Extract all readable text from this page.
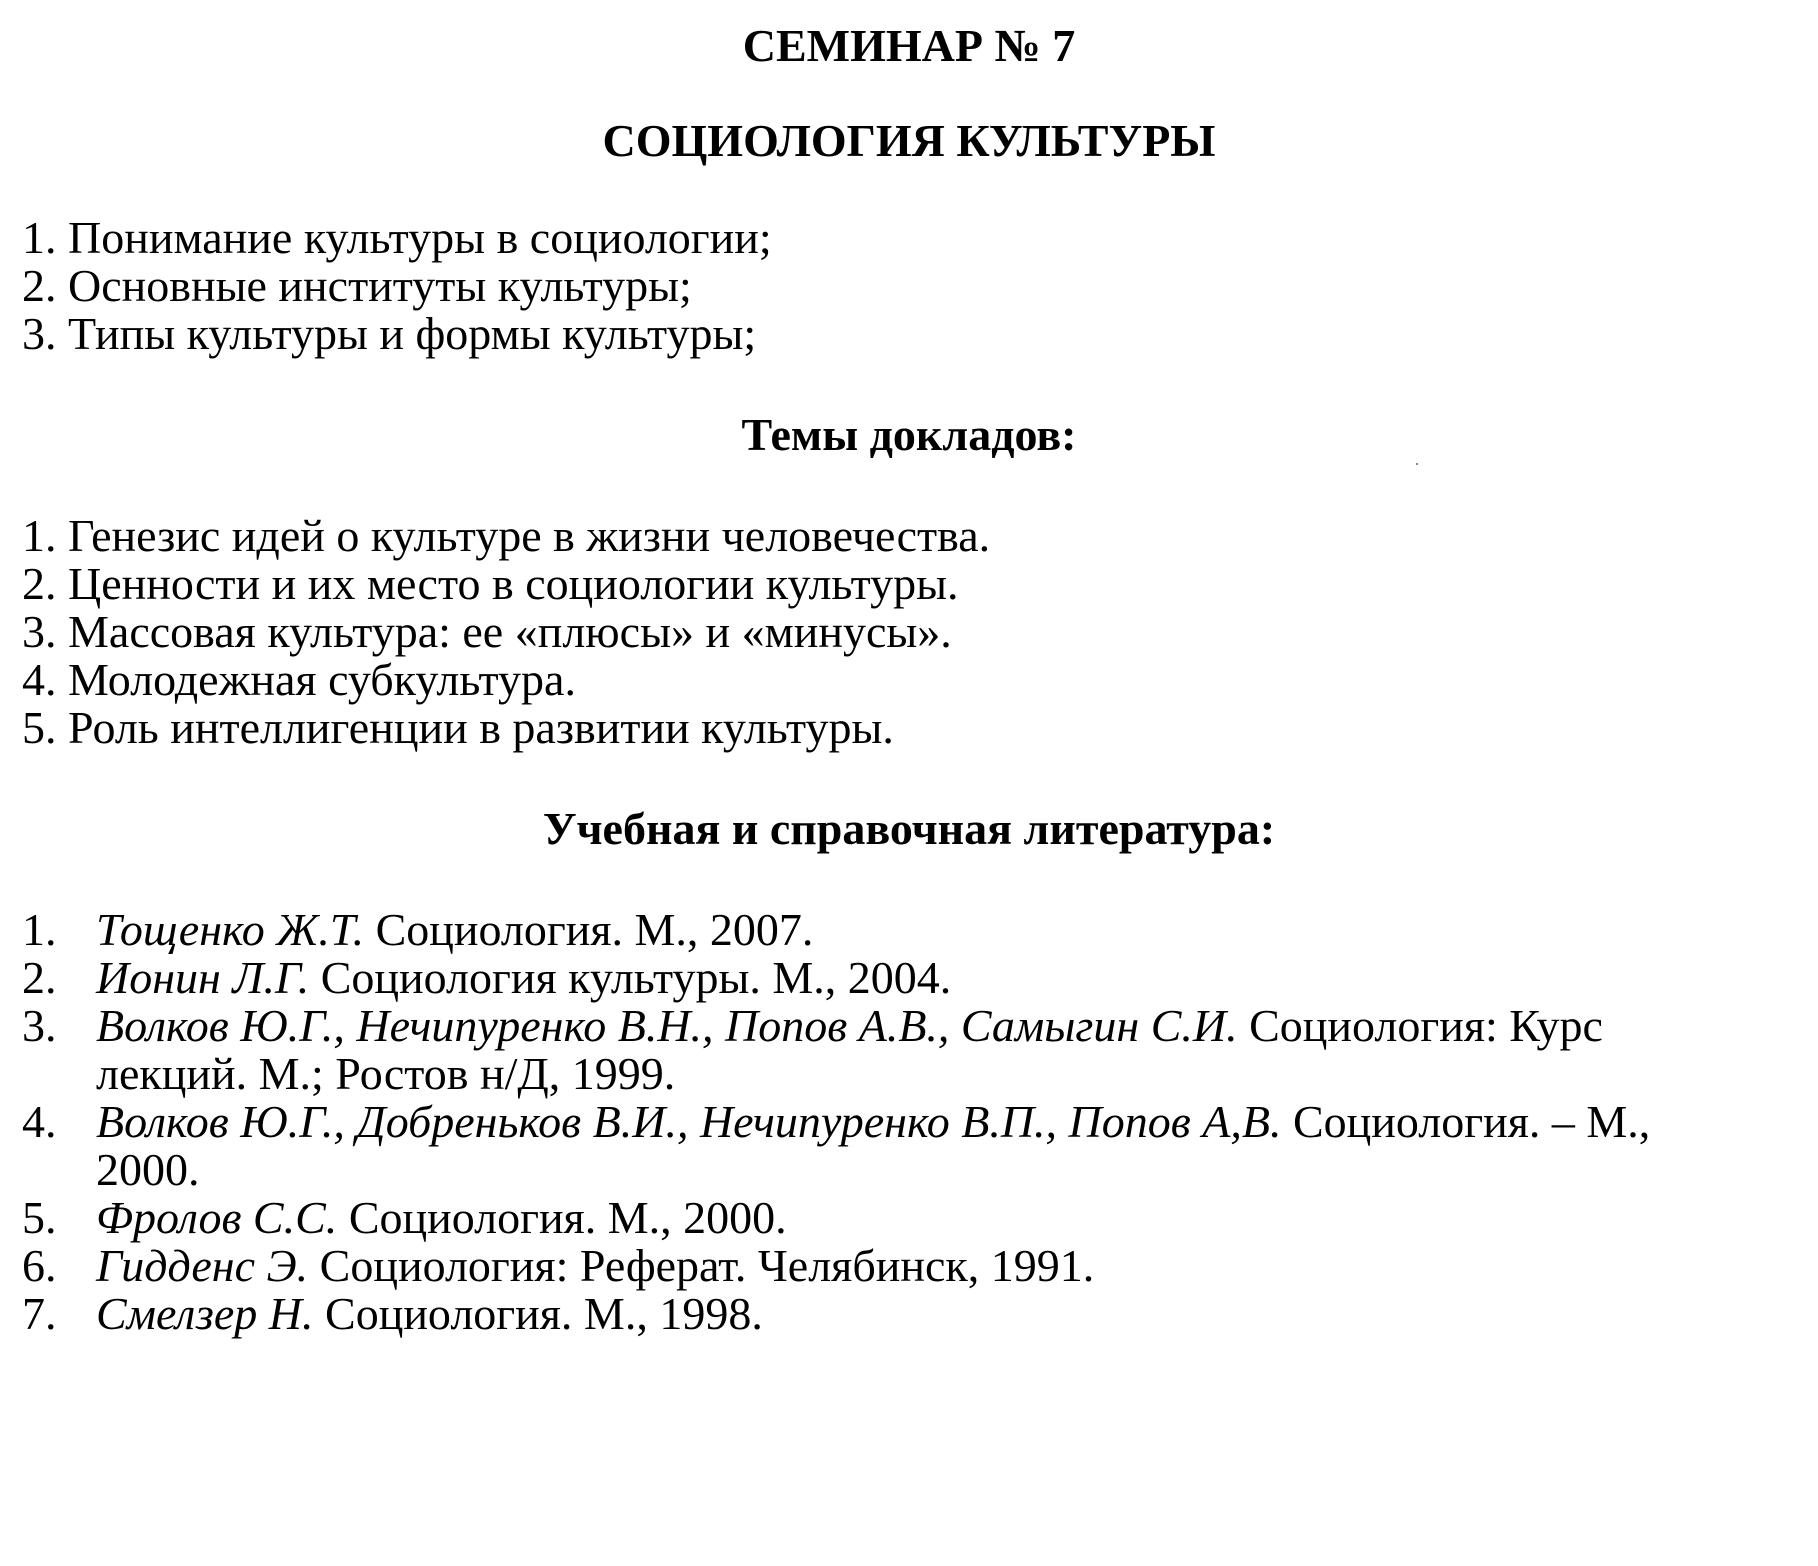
СЕМИНАР № 7
СОЦИОЛОГИЯ КУЛЬТУРЫ
1. Понимание культуры в социологии;
2. Основные институты культуры;
3. Типы культуры и формы культуры;
Темы докладов:
1. Генезис идей о культуре в жизни человечества.
2. Ценности и их место в социологии культуры.
3. Массовая культура: ее «плюсы» и «минусы».
4. Молодежная субкультура.
5. Роль интеллигенции в развитии культуры.
Учебная и справочная литература:
1. Тощенко Ж.Т. Социология. М., 2007.
2. Ионин Л.Г. Социология культуры. М., 2004.
3. Волков Ю.Г., Нечипуренко В.Н., Попов А.В., Самыгин С.И. Социология: Курс
лекций. М.; Ростов н/Д, 1999.
4. Волков Ю.Г., Добреньков В.И., Нечипуренко В.П., Попов А,В. Социология. – М.,
2000.
5. Фролов С.С. Социология. М., 2000.
6. Гидденс Э. Социология: Реферат. Челябинск, 1991.
7. Смелзер Н. Социология. М., 1998.
